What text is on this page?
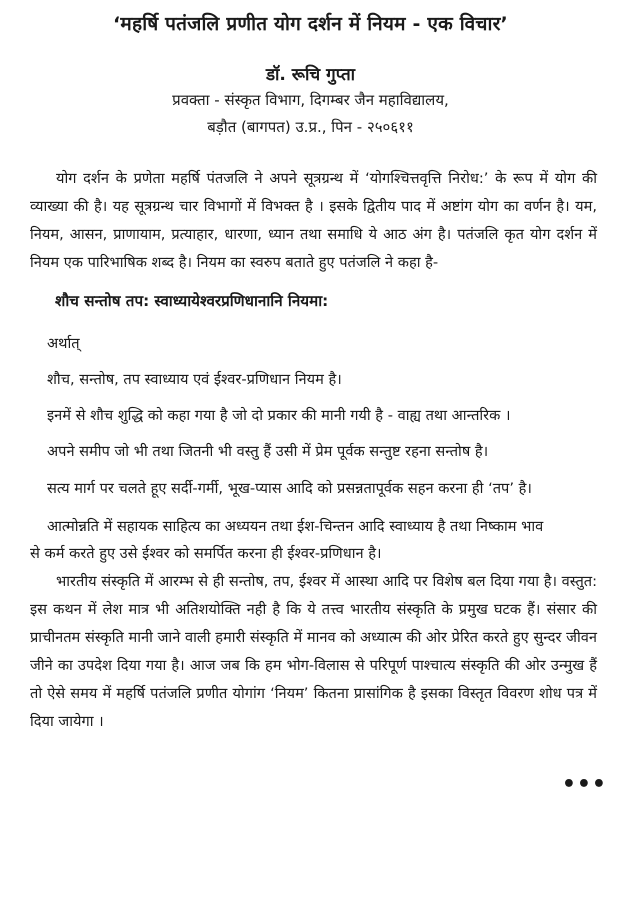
‘महर्षि पतंजलि प्रणीत योग दर्शन में नियम - एक विचार’
डॉ. रूचि गुप्ता
प्रवक्ता - संस्कृत विभाग, दिगम्बर जैन महाविद्यालय,
बड़ौत (बागपत) उ.प्र., पिन - २५०६११

योग दर्शन के प्रणेता महर्षि पंतजलि ने अपने सूत्रग्रन्थ में ‘योगश्चित्तवृत्ति निरोध:’ के रूप में योग की व्याख्या की है। यह सूत्रग्रन्थ चार विभागों में विभक्त है । इसके द्वितीय पाद में अष्टांग योग का वर्णन है। यम, नियम, आसन, प्राणायाम, प्रत्याहार, धारणा, ध्यान तथा समाधि ये आठ अंग है। पतंजलि कृत योग दर्शन में नियम एक पारिभाषिक शब्द है। नियम का स्वरुप बताते हुए पतंजलि ने कहा है-

शौच सन्तोष तप: स्वाध्यायेश्वरप्रणिधानानि नियमा:

अर्थात्

शौच, सन्तोष, तप स्वाध्याय एवं ईश्वर-प्रणिधान नियम है।

इनमें से शौच शुद्धि को कहा गया है जो दो प्रकार की मानी गयी है - वाह्य तथा आन्तरिक ।

अपने समीप जो भी तथा जितनी भी वस्तु हैं उसी में प्रेम पूर्वक सन्तुष्ट रहना सन्तोष है।

सत्य मार्ग पर चलते हूए सर्दी-गर्मी, भूख-प्यास आदि को प्रसन्नतापूर्वक सहन करना ही ‘तप’ है।

आत्मोन्नति में सहायक साहित्य का अध्ययन तथा ईश-चिन्तन आदि स्वाध्याय है तथा निष्काम भाव

से कर्म करते हुए उसे ईश्वर को समर्पित करना ही ईश्वर-प्रणिधान है।

भारतीय संस्कृति में आरम्भ से ही सन्तोष, तप, ईश्वर में आस्था आदि पर विशेष बल दिया गया है। वस्तुत: इस कथन में लेश मात्र भी अतिशयोक्ति नही है कि ये तत्त्व भारतीय संस्कृति के प्रमुख घटक हैं। संसार की प्राचीनतम संस्कृति मानी जाने वाली हमारी संस्कृति में मानव को अध्यात्म की ओर प्रेरित करते हुए सुन्दर जीवन जीने का उपदेश दिया गया है। आज जब कि हम भोग-विलास से परिपूर्ण पाश्चात्य संस्कृति की ओर उन्मुख हैं तो ऐसे समय में महर्षि पतंजलि प्रणीत योगांग ‘नियम’ कितना प्रासांगिक है इसका विस्तृत विवरण शोध पत्र में दिया जायेगा ।

•••
